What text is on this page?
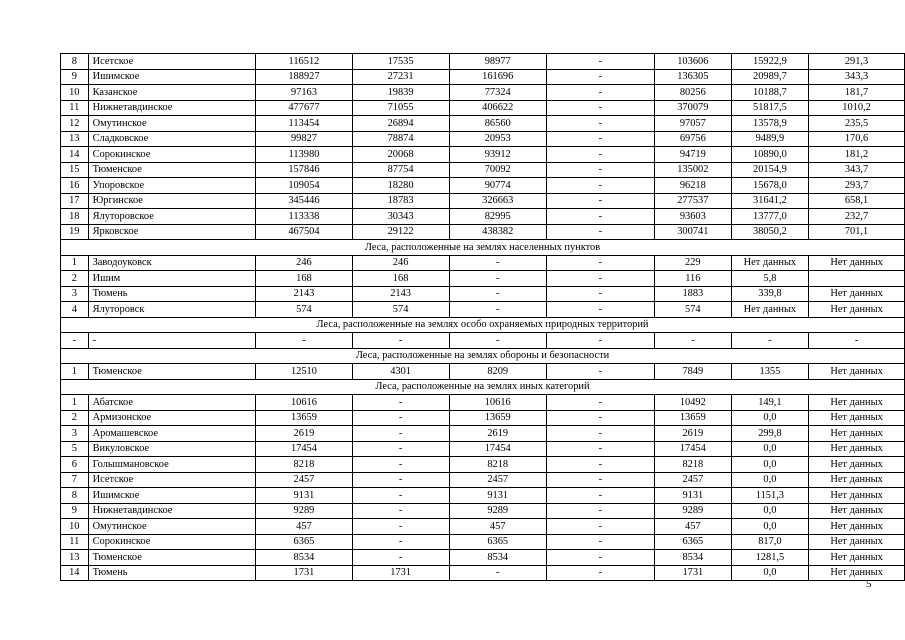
8	Исетское	116512	17535	98977	-	103606	15922,9	291,3
9	Ишимское	188927	27231	161696	-	136305	20989,7	343,3
10	Казанское	97163	19839	77324	-	80256	10188,7	181,7
11	Нижнетавдинское	477677	71055	406622	-	370079	51817,5	1010,2
12	Омутинское	113454	26894	86560	-	97057	13578,9	235,5
13	Сладковское	99827	78874	20953	-	69756	9489,9	170,6
14	Сорокинское	113980	20068	93912	-	94719	10890,0	181,2
15	Тюменское	157846	87754	70092	-	135002	20154,9	343,7
16	Упоровское	109054	18280	90774	-	96218	15678,0	293,7
17	Юргинское	345446	18783	326663	-	277537	31641,2	658,1
18	Ялуторовское	113338	30343	82995	-	93603	13777,0	232,7
19	Ярковское	467504	29122	438382	-	300741	38050,2	701,1
Леса, расположенные на землях населенных пунктов								
1	Заводоуковск	246	246	-	-	229	Нет данных	Нет данных
2	Ишим	168	168	-	-	116	5,8	
3	Тюмень	2143	2143	-	-	1883	339,8	Нет данных
4	Ялуторовск	574	574	-	-	574	Нет данных	Нет данных
Леса, расположенные на землях особо охраняемых природных территорий								
-	-	-	-	-	-	-	-	-
Леса, расположенные на землях обороны и безопасности								
1	Тюменское	12510	4301	8209	-	7849	1355	Нет данных
Леса, расположенные на землях иных категорий								
1	Абатское	10616	-	10616	-	10492	149,1	Нет данных
2	Армизонское	13659	-	13659	-	13659	0,0	Нет данных
3	Аромашевское	2619	-	2619	-	2619	299,8	Нет данных
5	Викуловское	17454	-	17454	-	17454	0,0	Нет данных
6	Голышмановское	8218	-	8218	-	8218	0,0	Нет данных
7	Исетское	2457	-	2457	-	2457	0,0	Нет данных
8	Ишимское	9131	-	9131	-	9131	1151,3	Нет данных
9	Нижнетавдинское	9289	-	9289	-	9289	0,0	Нет данных
10	Омутинское	457	-	457	-	457	0,0	Нет данных
11	Сорокинское	6365	-	6365	-	6365	817,0	Нет данных
13	Тюменское	8534	-	8534	-	8534	1281,5	Нет данных
14	Тюмень	1731	1731	-	-	1731	0,0	Нет данных
5
